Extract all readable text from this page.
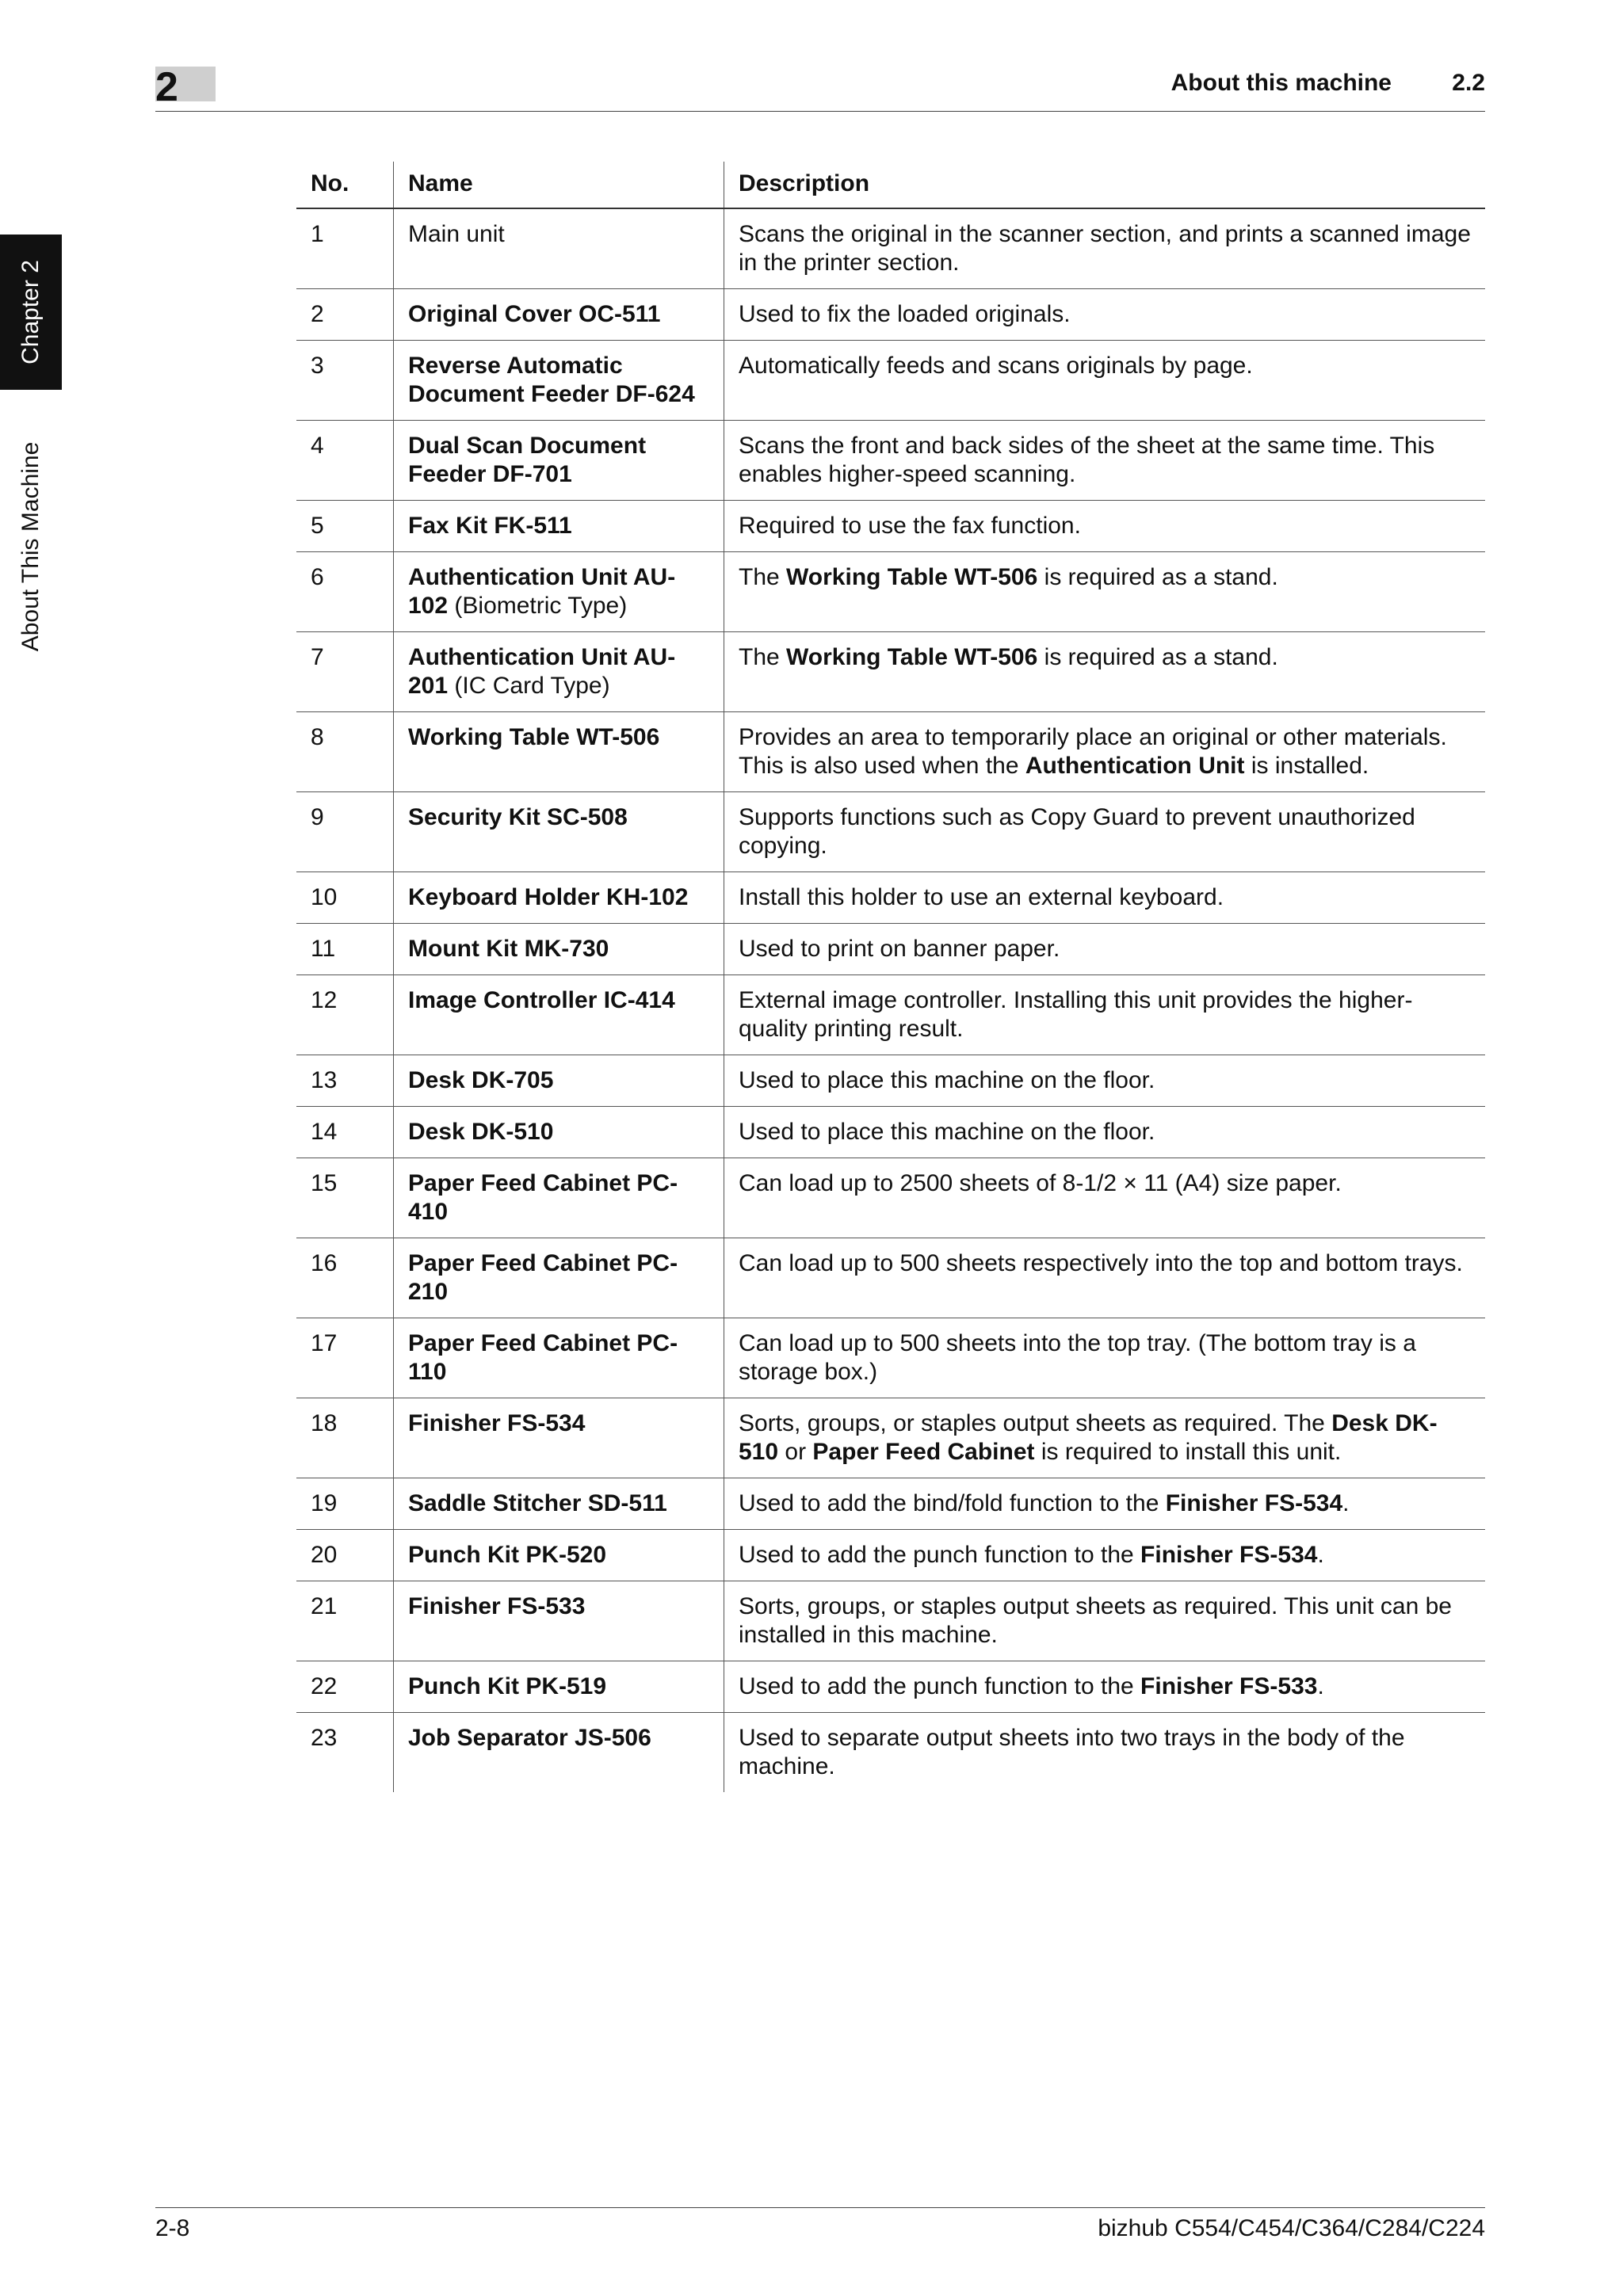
2	About this machine	2.2
Chapter 2
About This Machine
No.	Name	Description
1	Main unit	Scans the original in the scanner section, and prints a scanned image in the printer section.
2	Original Cover OC-511	Used to fix the loaded originals.
3	Reverse Automatic Document Feeder DF-624	Automatically feeds and scans originals by page.
4	Dual Scan Document Feeder DF-701	Scans the front and back sides of the sheet at the same time. This enables higher-speed scanning.
5	Fax Kit FK-511	Required to use the fax function.
6	Authentication Unit AU-102 (Biometric Type)	The Working Table WT-506 is required as a stand.
7	Authentication Unit AU-201 (IC Card Type)	The Working Table WT-506 is required as a stand.
8	Working Table WT-506	Provides an area to temporarily place an original or other materials. This is also used when the Authentication Unit is installed.
9	Security Kit SC-508	Supports functions such as Copy Guard to prevent unauthorized copying.
10	Keyboard Holder KH-102	Install this holder to use an external keyboard.
11	Mount Kit MK-730	Used to print on banner paper.
12	Image Controller IC-414	External image controller. Installing this unit provides the higher-quality printing result.
13	Desk DK-705	Used to place this machine on the floor.
14	Desk DK-510	Used to place this machine on the floor.
15	Paper Feed Cabinet PC-410	Can load up to 2500 sheets of 8-1/2 × 11 (A4) size paper.
16	Paper Feed Cabinet PC-210	Can load up to 500 sheets respectively into the top and bottom trays.
17	Paper Feed Cabinet PC-110	Can load up to 500 sheets into the top tray. (The bottom tray is a storage box.)
18	Finisher FS-534	Sorts, groups, or staples output sheets as required. The Desk DK-510 or Paper Feed Cabinet is required to install this unit.
19	Saddle Stitcher SD-511	Used to add the bind/fold function to the Finisher FS-534.
20	Punch Kit PK-520	Used to add the punch function to the Finisher FS-534.
21	Finisher FS-533	Sorts, groups, or staples output sheets as required. This unit can be installed in this machine.
22	Punch Kit PK-519	Used to add the punch function to the Finisher FS-533.
23	Job Separator JS-506	Used to separate output sheets into two trays in the body of the machine.
2-8	bizhub C554/C454/C364/C284/C224
